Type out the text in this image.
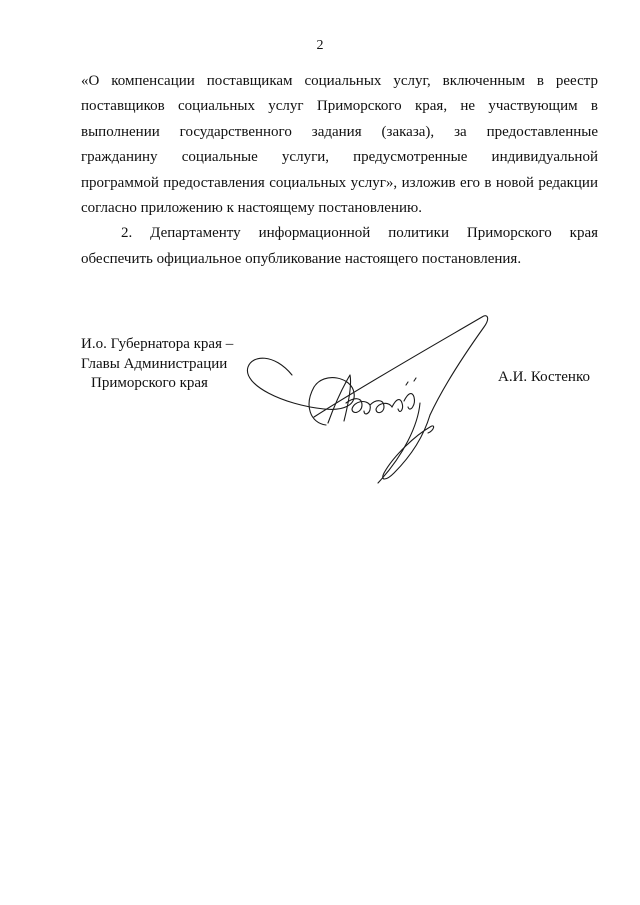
2

«О компенсации поставщикам социальных услуг, включенным в реестр
поставщиков социальных услуг Приморского края, не участвующим в
выполнении государственного задания (заказа), за предоставленные
гражданину социальные услуги, предусмотренные индивидуальной
программой предоставления социальных услуг», изложив его в новой редакции
согласно приложению к настоящему постановлению.

2. Департаменту информационной политики Приморского края
обеспечить официальное опубликование настоящего постановления.

И.о. Губернатора края –
Главы Администрации
Приморского края	А.И. Костенко
